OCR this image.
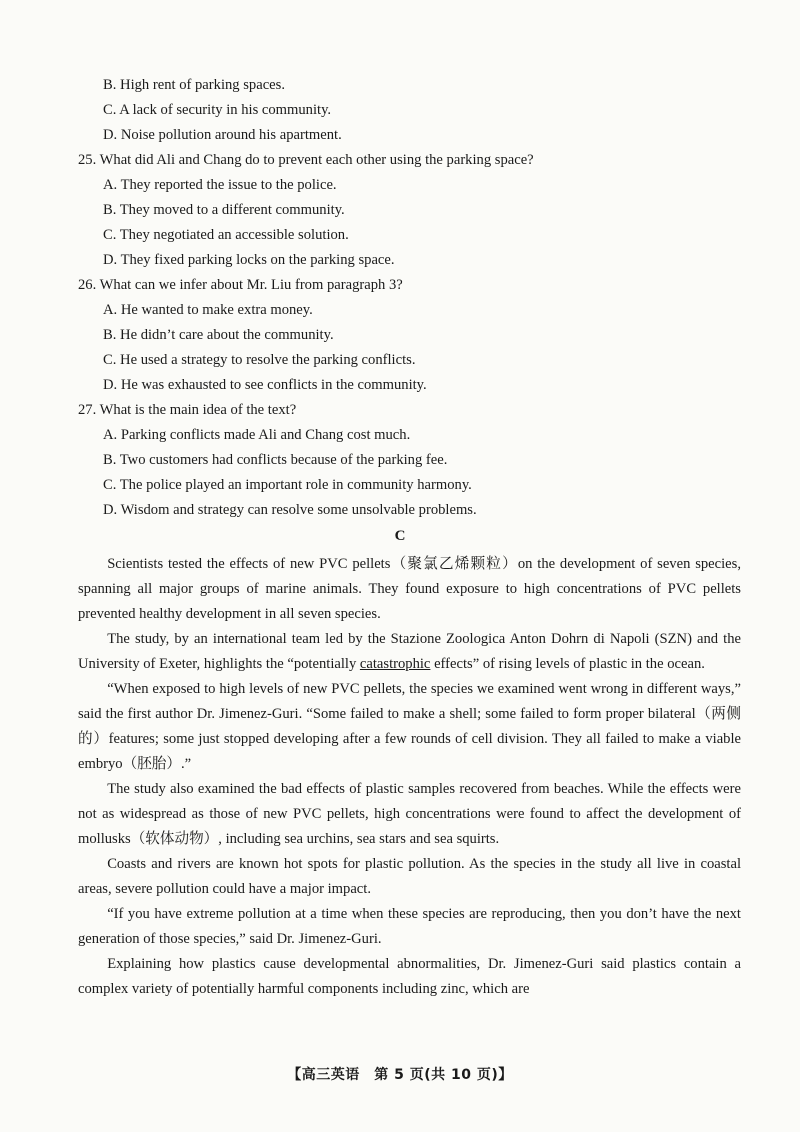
B. High rent of parking spaces.
C. A lack of security in his community.
D. Noise pollution around his apartment.
25. What did Ali and Chang do to prevent each other using the parking space?
A. They reported the issue to the police.
B. They moved to a different community.
C. They negotiated an accessible solution.
D. They fixed parking locks on the parking space.
26. What can we infer about Mr. Liu from paragraph 3?
A. He wanted to make extra money.
B. He didn’t care about the community.
C. He used a strategy to resolve the parking conflicts.
D. He was exhausted to see conflicts in the community.
27. What is the main idea of the text?
A. Parking conflicts made Ali and Chang cost much.
B. Two customers had conflicts because of the parking fee.
C. The police played an important role in community harmony.
D. Wisdom and strategy can resolve some unsolvable problems.
C

Scientists tested the effects of new PVC pellets（聚氯乙烯颗粒）on the development of seven species, spanning all major groups of marine animals. They found exposure to high concentrations of PVC pellets prevented healthy development in all seven species.

The study, by an international team led by the Stazione Zoologica Anton Dohrn di Napoli (SZN) and the University of Exeter, highlights the “potentially catastrophic effects” of rising levels of plastic in the ocean.

“When exposed to high levels of new PVC pellets, the species we examined went wrong in different ways,” said the first author Dr. Jimenez-Guri. “Some failed to make a shell; some failed to form proper bilateral（两侧的）features; some just stopped developing after a few rounds of cell division. They all failed to make a viable embryo（胚胎）.”

The study also examined the bad effects of plastic samples recovered from beaches. While the effects were not as widespread as those of new PVC pellets, high concentrations were found to affect the development of mollusks（软体动物）, including sea urchins, sea stars and sea squirts.

Coasts and rivers are known hot spots for plastic pollution. As the species in the study all live in coastal areas, severe pollution could have a major impact.

“If you have extreme pollution at a time when these species are reproducing, then you don’t have the next generation of those species,” said Dr. Jimenez-Guri.

Explaining how plastics cause developmental abnormalities, Dr. Jimenez-Guri said plastics contain a complex variety of potentially harmful components including zinc, which are

【高三英语　第 5 页(共 10 页)】
